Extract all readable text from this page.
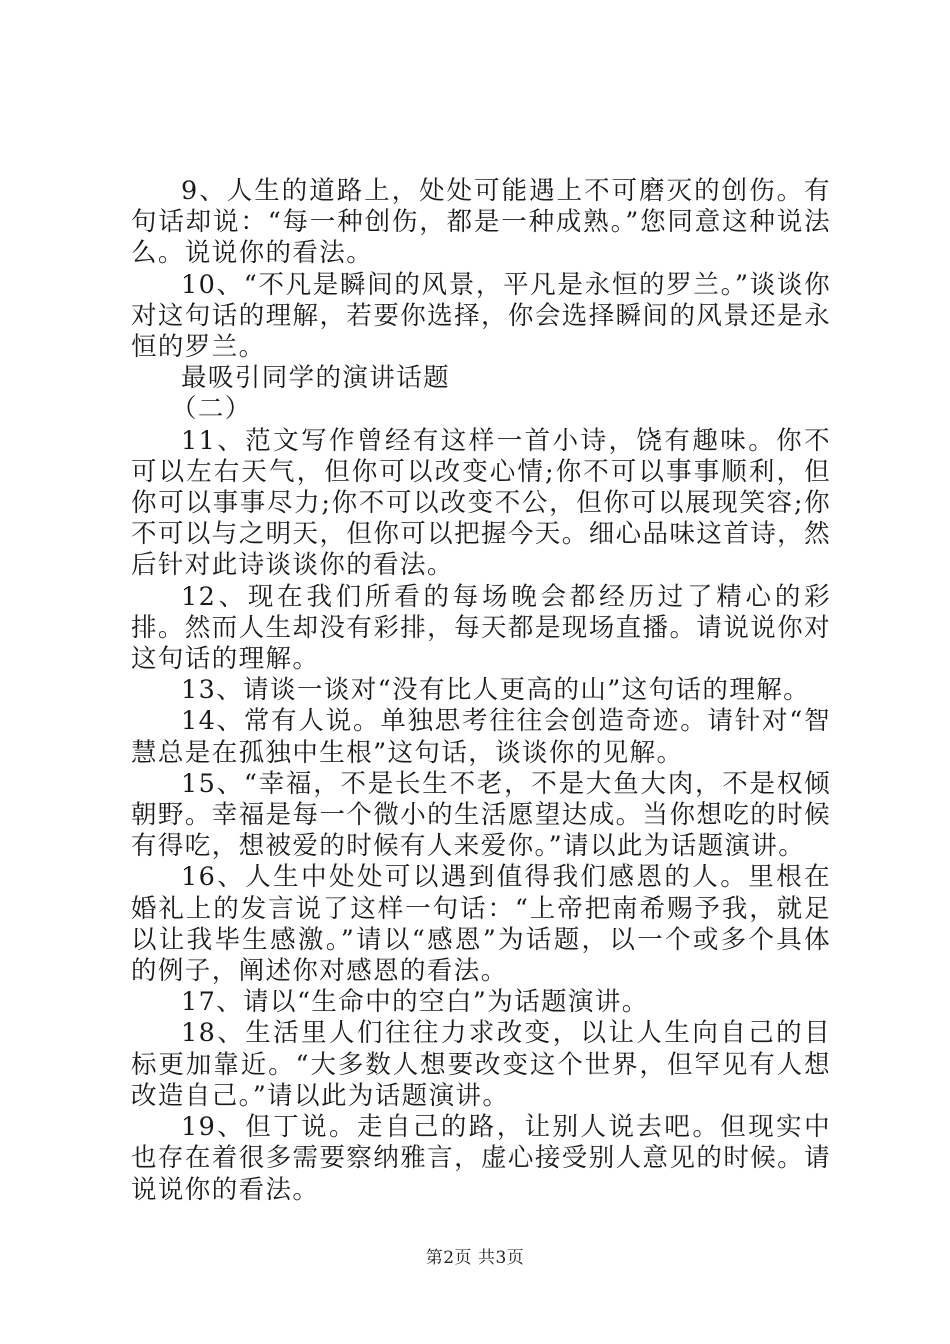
9、人生的道路上，处处可能遇上不可磨灭的创伤。有句话却说：“每一种创伤，都是一种成熟。”您同意这种说法么。说说你的看法。

10、“不凡是瞬间的风景，平凡是永恒的罗兰。”谈谈你对这句话的理解，若要你选择，你会选择瞬间的风景还是永恒的罗兰。

最吸引同学的演讲话题

（二）

11、范文写作曾经有这样一首小诗，饶有趣味。你不可以左右天气，但你可以改变心情;你不可以事事顺利，但你可以事事尽力;你不可以改变不公，但你可以展现笑容;你不可以与之明天，但你可以把握今天。细心品味这首诗，然后针对此诗谈谈你的看法。

12、现在我们所看的每场晚会都经历过了精心的彩排。然而人生却没有彩排，每天都是现场直播。请说说你对这句话的理解。

13、请谈一谈对“没有比人更高的山”这句话的理解。

14、常有人说。单独思考往往会创造奇迹。请针对“智慧总是在孤独中生根”这句话，谈谈你的见解。

15、“幸福，不是长生不老，不是大鱼大肉，不是权倾朝野。幸福是每一个微小的生活愿望达成。当你想吃的时候有得吃，想被爱的时候有人来爱你。”请以此为话题演讲。

16、人生中处处可以遇到值得我们感恩的人。里根在婚礼上的发言说了这样一句话：“上帝把南希赐予我，就足以让我毕生感激。”请以“感恩”为话题，以一个或多个具体的例子，阐述你对感恩的看法。

17、请以“生命中的空白”为话题演讲。

18、生活里人们往往力求改变，以让人生向自己的目标更加靠近。“大多数人想要改变这个世界，但罕见有人想改造自己。”请以此为话题演讲。

19、但丁说。走自己的路，让别人说去吧。但现实中也存在着很多需要察纳雅言，虚心接受别人意见的时候。请说说你的看法。

第2页 共3页
